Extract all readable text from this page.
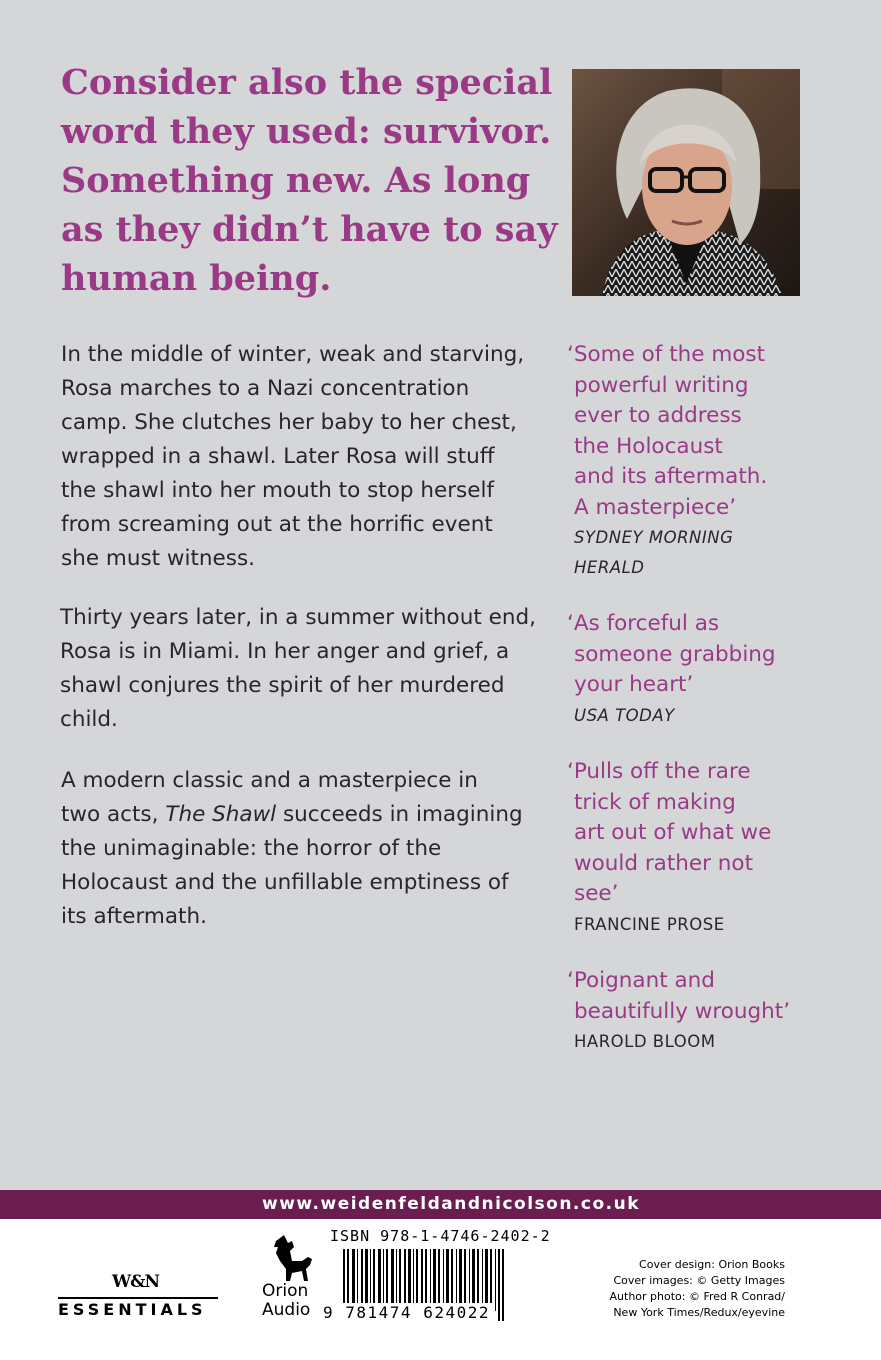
Consider also the special
word they used: survivor.
Something new. As long
as they didn’t have to say
human being.
In the middle of winter, weak and starving,
Rosa marches to a Nazi concentration
camp. She clutches her baby to her chest,
wrapped in a shawl. Later Rosa will stuff
the shawl into her mouth to stop herself
from screaming out at the horrific event
she must witness.
Thirty years later, in a summer without end,
Rosa is in Miami. In her anger and grief, a
shawl conjures the spirit of her murdered
child.
A modern classic and a masterpiece in
two acts, The Shawl succeeds in imagining
the unimaginable: the horror of the
Holocaust and the unfillable emptiness of
its aftermath.
‘Some of the most
powerful writing
ever to address
the Holocaust
and its aftermath.
A masterpiece’
SYDNEY MORNING
HERALD
‘As forceful as
someone grabbing
your heart’
USA TODAY
‘Pulls off the rare
trick of making
art out of what we
would rather not
see’
FRANCINE PROSE
‘Poignant and
beautifully wrought’
HAROLD BLOOM
www.weidenfeldandnicolson.co.uk
W&N
ESSENTIALS
Orion
Audio
ISBN 978-1-4746-2402-2
9 781474 624022
Cover design: Orion Books
Cover images: © Getty Images
Author photo: © Fred R Conrad/
New York Times/Redux/eyevine
